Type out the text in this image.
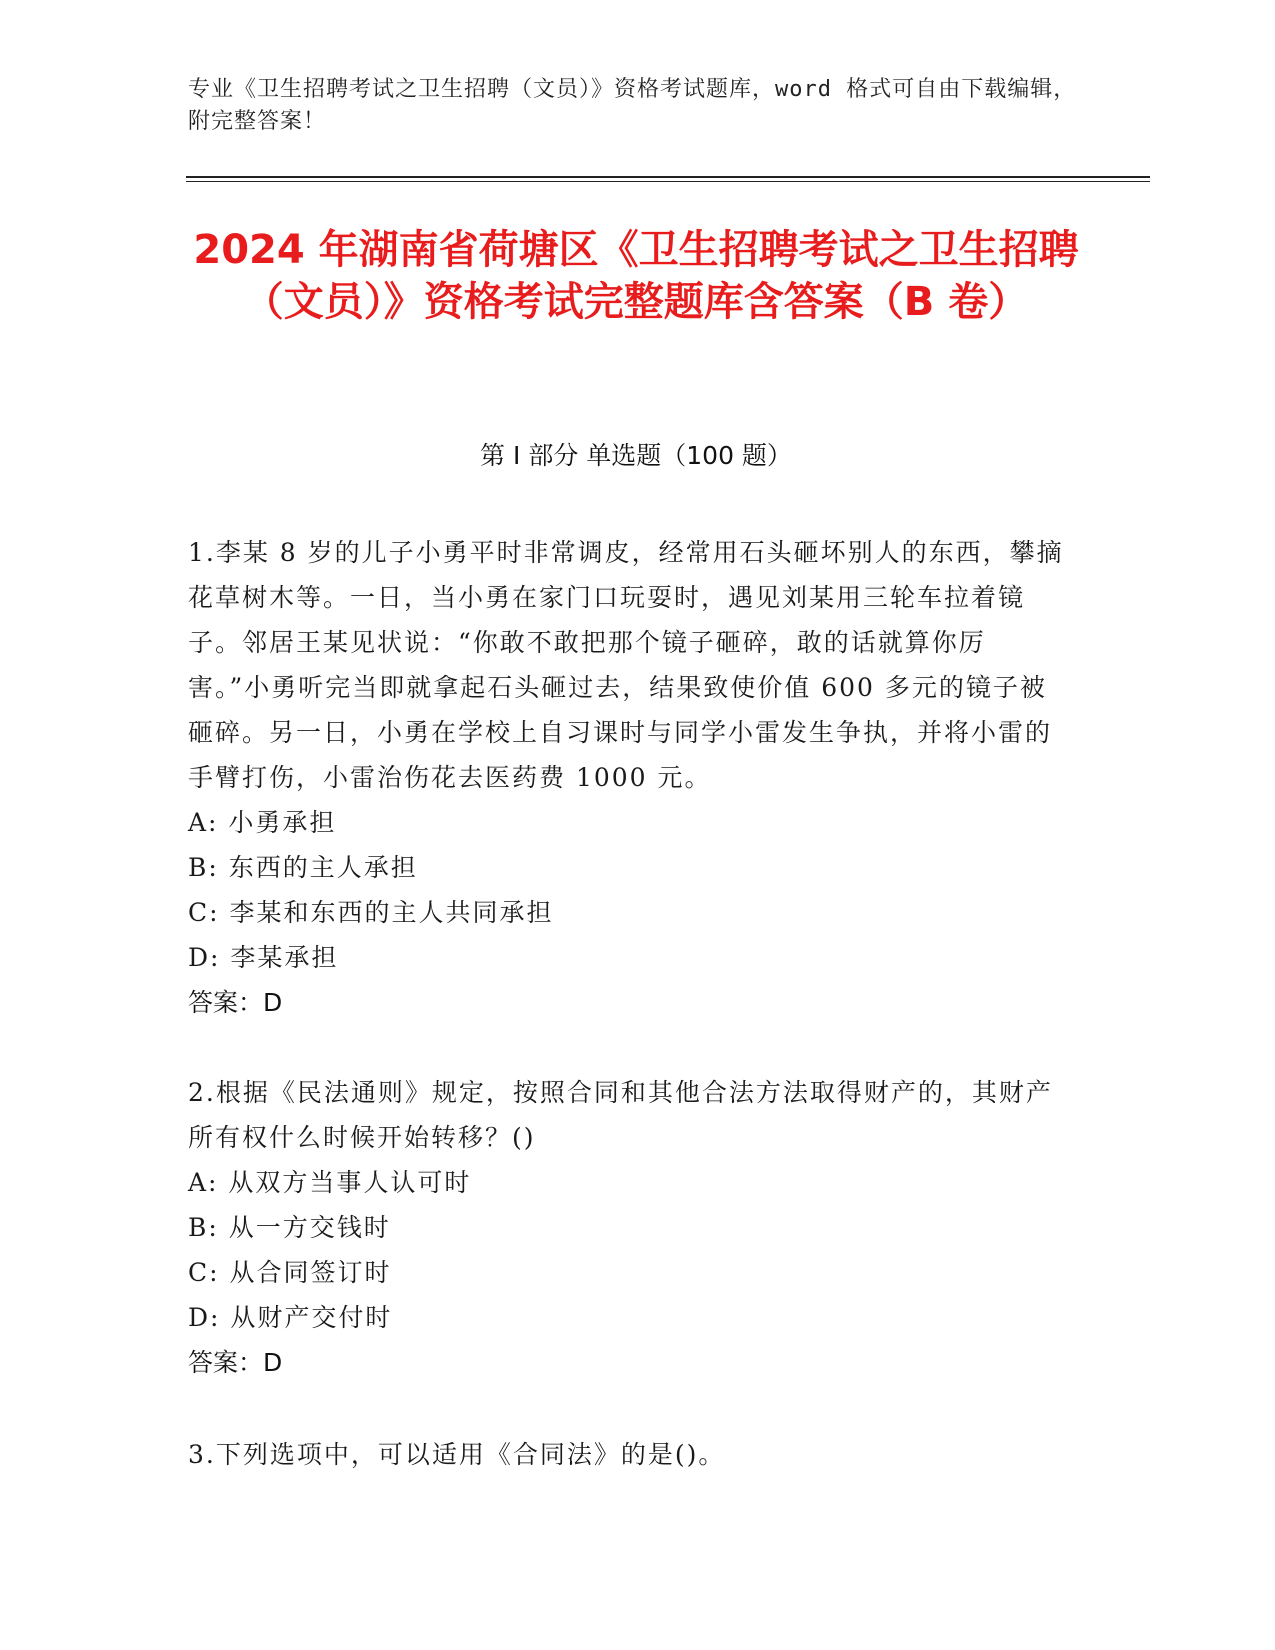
专业《卫生招聘考试之卫生招聘（文员）》资格考试题库，word 格式可自由下载编辑，附完整答案！
2024 年湖南省荷塘区《卫生招聘考试之卫生招聘（文员）》资格考试完整题库含答案（B 卷）
第 I 部分 单选题（100 题）
1.李某 8 岁的儿子小勇平时非常调皮，经常用石头砸坏别人的东西，攀摘花草树木等。一日，当小勇在家门口玩耍时，遇见刘某用三轮车拉着镜子。邻居王某见状说：“你敢不敢把那个镜子砸碎，敢的话就算你厉害。”小勇听完当即就拿起石头砸过去，结果致使价值 600 多元的镜子被砸碎。另一日，小勇在学校上自习课时与同学小雷发生争执，并将小雷的手臂打伤，小雷治伤花去医药费 1000 元。
A: 小勇承担
B: 东西的主人承担
C: 李某和东西的主人共同承担
D: 李某承担
答案：D
2.根据《民法通则》规定，按照合同和其他合法方法取得财产的，其财产所有权什么时候开始转移？()
A: 从双方当事人认可时
B: 从一方交钱时
C: 从合同签订时
D: 从财产交付时
答案：D
3.下列选项中，可以适用《合同法》的是()。
